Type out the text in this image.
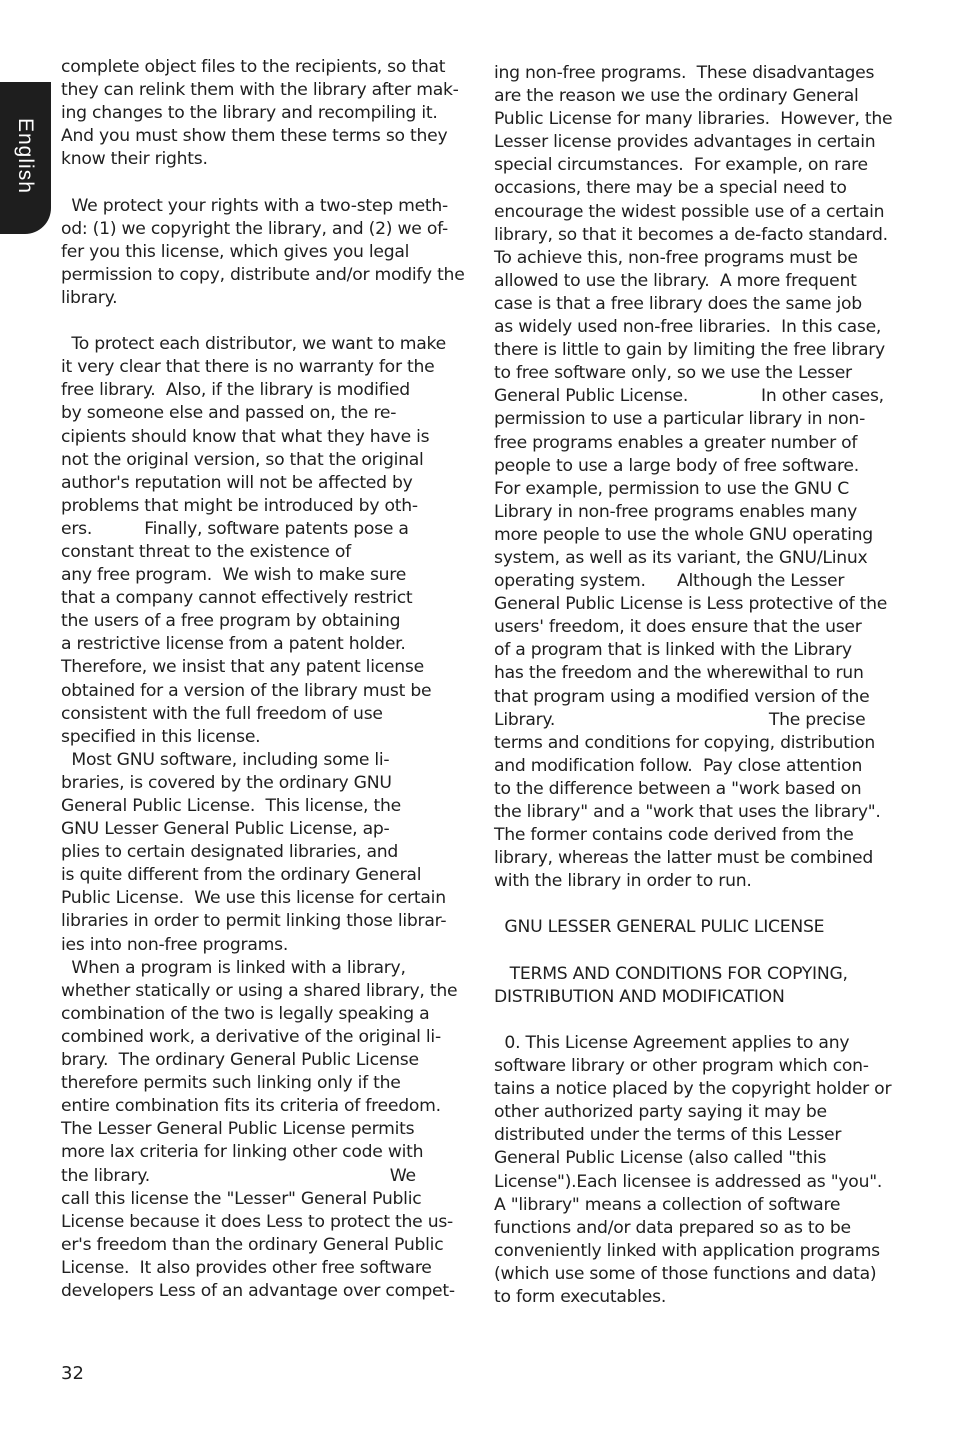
English
complete object files to the recipients, so that
they can relink them with the library after mak-
ing changes to the library and recompiling it.
And you must show them these terms so they
know their rights.
We protect your rights with a two-step meth-
od: (1) we copyright the library, and (2) we of-
fer you this license, which gives you legal
permission to copy, distribute and/or modify the
library.
To protect each distributor, we want to make
it very clear that there is no warranty for the
free library.  Also, if the library is modified
by someone else and passed on, the re-
cipients should know that what they have is
not the original version, so that the original
author's reputation will not be affected by
problems that might be introduced by oth-
ers.          Finally, software patents pose a
constant threat to the existence of
any free program.  We wish to make sure
that a company cannot effectively restrict
the users of a free program by obtaining
a restrictive license from a patent holder.
Therefore, we insist that any patent license
obtained for a version of the library must be
consistent with the full freedom of use
specified in this license.
Most GNU software, including some li-
braries, is covered by the ordinary GNU
General Public License.  This license, the
GNU Lesser General Public License, ap-
plies to certain designated libraries, and
is quite different from the ordinary General
Public License.  We use this license for certain
libraries in order to permit linking those librar-
ies into non-free programs.
When a program is linked with a library,
whether statically or using a shared library, the
combination of the two is legally speaking a
combined work, a derivative of the original li-
brary.  The ordinary General Public License
therefore permits such linking only if the
entire combination fits its criteria of freedom.
The Lesser General Public License permits
more lax criteria for linking other code with
the library.                                              We
call this license the "Lesser" General Public
License because it does Less to protect the us-
er's freedom than the ordinary General Public
License.  It also provides other free software
developers Less of an advantage over compet-
ing non-free programs.  These disadvantages
are the reason we use the ordinary General
Public License for many libraries.  However, the
Lesser license provides advantages in certain
special circumstances.  For example, on rare
occasions, there may be a special need to
encourage the widest possible use of a certain
library, so that it becomes a de-facto standard.
To achieve this, non-free programs must be
allowed to use the library.  A more frequent
case is that a free library does the same job
as widely used non-free libraries.  In this case,
there is little to gain by limiting the free library
to free software only, so we use the Lesser
General Public License.              In other cases,
permission to use a particular library in non-
free programs enables a greater number of
people to use a large body of free software.
For example, permission to use the GNU C
Library in non-free programs enables many
more people to use the whole GNU operating
system, as well as its variant, the GNU/Linux
operating system.      Although the Lesser
General Public License is Less protective of the
users' freedom, it does ensure that the user
of a program that is linked with the Library
has the freedom and the wherewithal to run
that program using a modified version of the
Library.                                         The precise
terms and conditions for copying, distribution
and modification follow.  Pay close attention
to the difference between a "work based on
the library" and a "work that uses the library".
The former contains code derived from the
library, whereas the latter must be combined
with the library in order to run.
GNU LESSER GENERAL PULIC LICENSE
TERMS AND CONDITIONS FOR COPYING,
DISTRIBUTION AND MODIFICATION
0. This License Agreement applies to any
software library or other program which con-
tains a notice placed by the copyright holder or
other authorized party saying it may be
distributed under the terms of this Lesser
General Public License (also called "this
License").Each licensee is addressed as "you".
A "library" means a collection of software
functions and/or data prepared so as to be
conveniently linked with application programs
(which use some of those functions and data)
to form executables.
32
